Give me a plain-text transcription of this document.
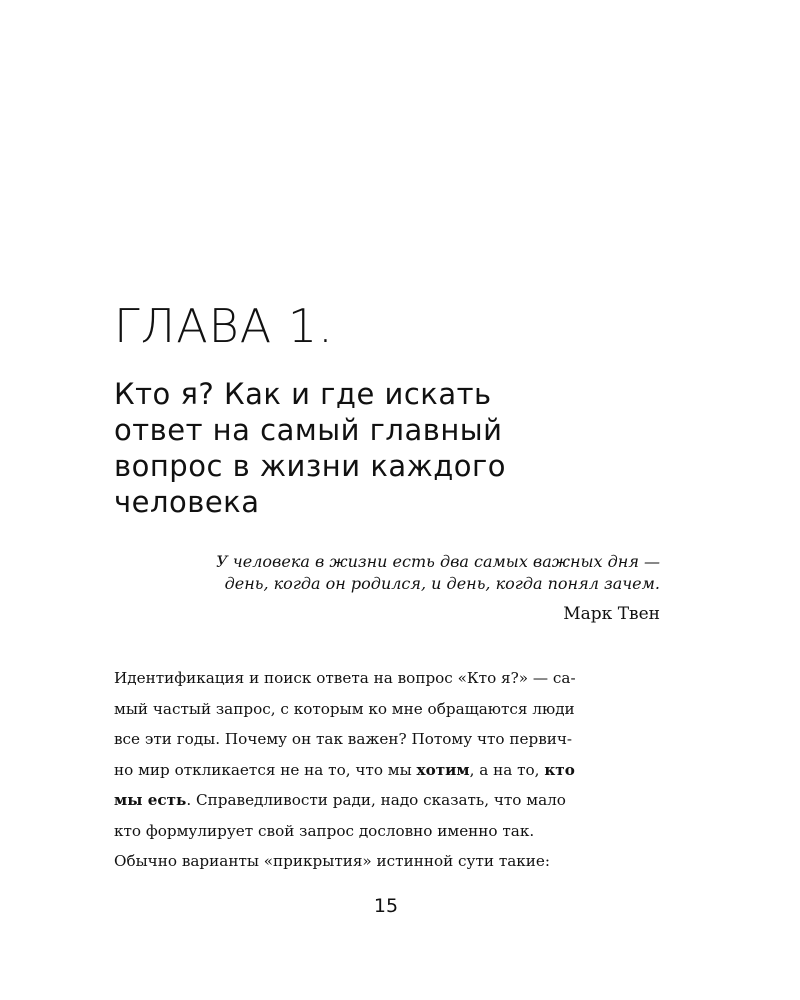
ГЛАВА 1.
Кто я? Как и где искать
ответ на самый главный
вопрос в жизни каждого
человека
У человека в жизни есть два самых важных дня —
день, когда он родился, и день, когда понял зачем.
Марк Твен
Идентификация и поиск ответа на вопрос «Кто я?» — са-
мый частый запрос, с которым ко мне обращаются люди
все эти годы. Почему он так важен? Потому что первич-
но мир откликается не на то, что мы хотим, а на то, кто
мы есть. Справедливости ради, надо сказать, что мало
кто формулирует свой запрос дословно именно так.
Обычно варианты «прикрытия» истинной сути такие:
15
